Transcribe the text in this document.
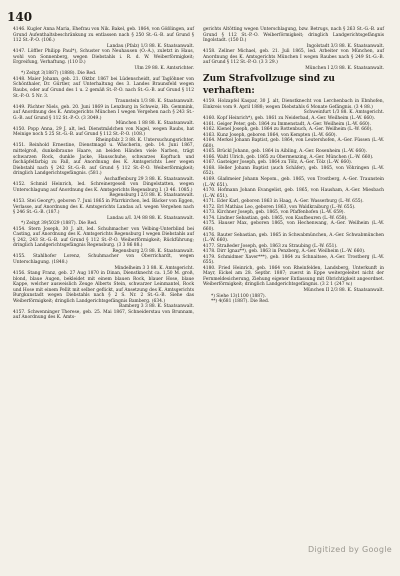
140

4146. Kugler Anna Maria, Ehefrau von Nik. Bakel, geb. 1864, von Gößlingen, auf Grund Aufenthaltsbeschränkung zu entlassen nach § 250 St.-G.-B. auf Grund § 112 St.-P.-O. (106.)

Landau (Pfalz) 1/3 88. K. Staatsanwalt.

4147. Löffler Philipp Paul*), Schuster von Neuhausen (O.-A.), zuletzt in Haus, wohl von Sonnenberg, wegen Diebstahls i. R. d. W. Weiberförmigkeit; Ergreifung, Verhaftung. (110 D.)

Ulm 29 88. K. Amtsrichter.

*) Zeitgt 3(1887) (1888). Die Red.

4148. Maier Johann, geb. 21. Oktbr. 1867 bei Lüdenscheidt, auf Taglöhner von Schönthaler, Dr. Gürtler, auf Unterhaltung des 3. Landes Braunsfeld wegen Raubs, oder auf Grund des 1 u. 2 gemäß St.-P.-O. nach St.-G.-B. auf Grund § 112 St.-P.-O. 5 Nr. 3.

Traunstein 1/3 88. K. Staatsanwalt.

4149. Pächter Niels, geb. 20. Juni 1869 in Lenzburg in Schweiz, Hb. Gemmink, auf Anordnung des K. Amtsgerichts München I wegen Vergehen nach § 243 St.-G.-B. auf Grund § 112 St.-P.-O. (3 3049.)

München 1 88 88. K. Staatsanwalt.

4150. Popp Anna, 29 J. alt, led. Dienstmädchen von Nagel, wegen Raubs, hat Meinige noch 5 25 St.-G.-B. auf Grund § 112 St.-P.-O. (108.)

Rheinpfalz 2 3 88. K. Untersuchungsrichter.

4151. Reinhold Ernestine, Dienstmagd u. Wäscherin, geb. 14. Juni 1867, mittelgroß, dunkelbraune Haare, an beiden Händen viele Narben, trägt schwarzen Rock, dunkle Jacke, Hausschuhe, schwarzes Kopftuch und fischäpfelfarbig zu Fall, auf Anordnung des K. Amtsgerichts Leer wegen Diebstahl nach § 242 St.-G.-B. auf Grund § 112 St.-P.-O. Weiberförmigkeit; dringlich Landgerichtsgefängnis. (581.)

Aschaffenburg 29 3 88. K. Staatsanwalt.

4152. Schmid Heinrich, led. Schreinergesell von Dingelstatten, wegen Unterschlagung auf Anordnung des K. Amtsgerichts Regensburg I. (3 46. 1085.)

Regensburg I 2/3 88. K. Staatsanwalt.

4153. Stei Georg*), geboren 7. Juni 1865 in Pfarrkirchen, led. Bäcker von Eggen, Verlasse, auf Anordnung des K. Amtsgerichts Landau a/I. wegen Vergehen nach § 246 St.-G.-B. (187.)

Landau a/I. 3/4 88 88. K. Staatsanwalt.

*) Zeitgt 39(5029 (1887). Die Red.

4154. Stern Joseph, 30 J. alt, led. Schuhmacher von Velbing-Unterblind bei Casting, auf Anordnung des K. Amtsgerichts Regensburg I wegen Diebstahls auf § 242, 243 St.-G.-B. auf Grund § 112 St.-P.-O. Weiberförmigkeit; Rückführung; dringlich Landgerichtsgefängnis Regensburg. (3 3 86 88.)

Regensburg 2/3 88. K. Staatsanwalt.

4155. Stahlhofer Lorenz, Schuhmacher von Oberrichardt, wegen Unterschlagung. (1848.)

Mindelheim 3 3 88. K. Amtsgericht.

4156. Stang Franz, geb. 27 Aug 1870 in Dinan, Dienstknecht ca. 1,50 M. groß, blond, blaue Augen, bekleidet mit einem blauen Rock, blauer Hose, blaue Kappe, welcher ausweislich Zeuge Alberts Stein, schwarzer Leinmantel, Rock und Hose mit einem Pellit mit selber geflickt, auf Ansetzung des K. Amtsgerichts Burgkunstadt wegen Diebstahls nach § 2 S. Nr. 2 St.-G.-B. Siehe das Weiberförmigkeit; dringlich Landgerichtsgefängnis Bamberg. (634.)

Bamberg 3 3 88. K. Staatsanwalt.

4157. Schwenninger Therese, geb. 25. Mai 1867, Schneiderstau von Brunnam, auf Anordnung des K. Amts-

gerichts Altötting wegen Unterschlagung, bzw. Betrugs, nach § 263 St.-G.-B. auf Grund § 112 St.-P.-O. Weiberförmigkeit; dringlich Landgerichtsgefängnis Ingolstadt. (150 D.)

Ingolstadt 3/3 88. K. Staatsanwalt.

4158. Zellner Michael, geb. 21. Juli 1865, led. Arbeiter von München, auf Anordnung des K. Amtsgerichts München I wegen Raubes nach § 249 St.-G.-B. auf Grund § 112 St.-P.-O. (3 3 29.)

München I 2/3 88. K. Staatsanwalt.

Zum Strafvollzuge sind zu verhaften:

4159. Holzapfel Kaspar, 30 J. alt, Dienstknecht von Lerchenbach in Ebnhofen, Einkreis vom 9. April 1888; wegen Diebstahls 6 Monate Gefängnis. (3 4 88.)

Schweinfurt 1/3 88. K. Amtsgericht.

4160. Kopf Heinrich*), geb. 1861 zu Neiderbad, A.-Ger. Weilheim (L.-W. 660).

4161. Geiger Peter, geb. 1864 zu Immenstadt, A.-Ger. Weilheim (L.-W. 660).

4162. Kienel Joseph, geb. 1864 zu Rottenbuch, A.-Ger. Weilheim (L.-W. 660).

4163. Kunz Joseph, geboren 1864, von Kempten (L.-W. 660).

4164. Merkel Johann Baptist, geb. 1864, von Leutershofen, A.-Ger. Füssen (L.-W. 660).

4165. Brückl Johann, geb. 1864 in Aibling, A.-Ger. Rosenheim (L.-W. 660).

4166. Waltl Ulrich, geb. 1865 zu Obermenzing, A.-Ger. München (L.-W. 660).

4167. Gasteiger Joseph, geb. 1864 zu Tölz, A.-Ger. Tölz (L.-W. 660).

4168. Heller Johann Baptist (auch Schäfer), geb. 1865, von Vöhringen (L.-W. 652).

4169. Glaßmeier Johann Nepom., geb. 1865, von Trostberg, A.-Ger. Traunstein (L.-W. 651).

4170. Hofmann Johann Evangelist, geb. 1865, von Hausham, A.-Ger. Miesbach (L.-W. 651).

4171. Eder Karl, geboren 1863 in Haag, A.-Ger. Wasserburg (L.-W. 655).

4172. Erl Mathias Leo, geboren 1863, von Waldkraiburg (L.-W. 655).

4173. Kirchner Joseph, geb. 1865, von Pfaffenhofen (L.-W. 659).

4174. Lindner Sebastian, geb. 1865, von Kaufbeuren (L.-W. 658).

4175. Hauser Max, geboren 1865, von Hechenwang, A.-Ger. Weilheim (L.-W. 660).

4176. Rauter Sebastian, geb. 1865 in Schwabmünchen, A.-Ger. Schwabmünchen (L.-W. 660).

4177. Straßeder Joseph, geb. 1863 zu Straubing (L.-W. 651).

4178. Dirr Ignaz**), geb. 1863 in Penzberg, A.-Ger. Weilheim (L.-W. 660).

4179. Schmidmer Xaver***), geb. 1864 zu Schnaitsee, A.-Ger. Trostberg (L.-W. 655).

4180. Fried Heinrich, geb. 1864 von Rheinfelden, Landsberg, Unterkunft in Mayr, Eickel am 28. Septbr. 1887; zuerst in Eppe weitergeleitet nicht der Fernmeldesicherung, Ziehung eigener Entlassung mit Obrichtigkeit angeordnet. Weiberförmigkeit; dringlich Landgerichtsgefängnis. (3 2 1 (247 w.)

München II 2/3 88. K. Staatsanwalt.

*) Siehe 13(1100 (1887).

**) 4(681 (1887). Die Red.

Digitized by Google
